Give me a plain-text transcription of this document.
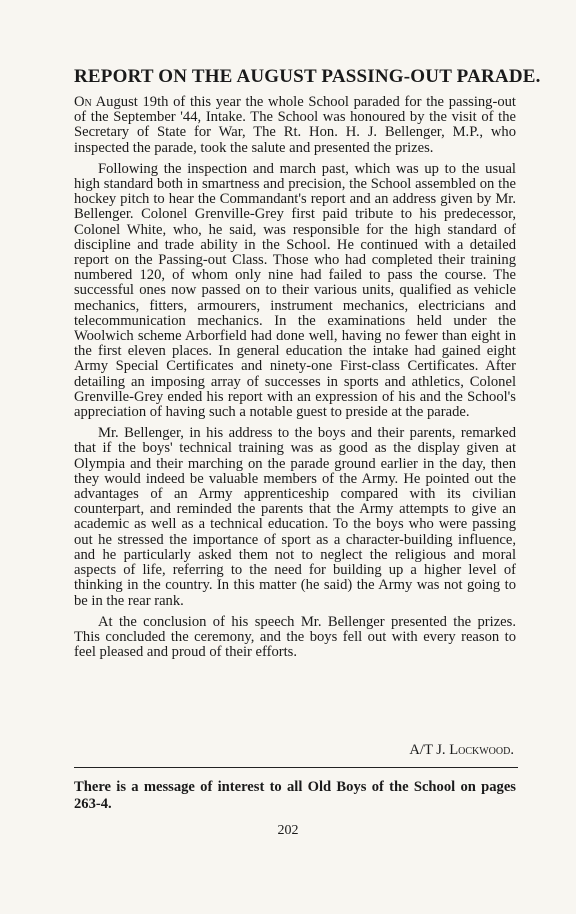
REPORT ON THE AUGUST PASSING-OUT PARADE.

On August 19th of this year the whole School paraded for the passing-out of the September '44, Intake. The School was honoured by the visit of the Secretary of State for War, The Rt. Hon. H. J. Bellenger, M.P., who inspected the parade, took the salute and presented the prizes.

Following the inspection and march past, which was up to the usual high standard both in smartness and precision, the School assembled on the hockey pitch to hear the Commandant's report and an address given by Mr. Bellenger. Colonel Grenville-Grey first paid tribute to his predecessor, Colonel White, who, he said, was responsible for the high standard of discipline and trade ability in the School. He continued with a detailed report on the Passing-out Class. Those who had completed their training numbered 120, of whom only nine had failed to pass the course. The successful ones now passed on to their various units, qualified as vehicle mechanics, fitters, armourers, instrument mechanics, electricians and telecommunication mechanics. In the examinations held under the Woolwich scheme Arborfield had done well, having no fewer than eight in the first eleven places. In general education the intake had gained eight Army Special Certificates and ninety-one First-class Certificates. After detailing an imposing array of successes in sports and athletics, Colonel Grenville-Grey ended his report with an expression of his and the School's appreciation of having such a notable guest to preside at the parade.

Mr. Bellenger, in his address to the boys and their parents, remarked that if the boys' technical training was as good as the display given at Olympia and their marching on the parade ground earlier in the day, then they would indeed be valuable members of the Army. He pointed out the advantages of an Army apprenticeship compared with its civilian counterpart, and reminded the parents that the Army attempts to give an academic as well as a technical education. To the boys who were passing out he stressed the importance of sport as a character-building influence, and he particularly asked them not to neglect the religious and moral aspects of life, referring to the need for building up a higher level of thinking in the country. In this matter (he said) the Army was not going to be in the rear rank.

At the conclusion of his speech Mr. Bellenger presented the prizes. This concluded the ceremony, and the boys fell out with every reason to feel pleased and proud of their efforts.

A/T J. Lockwood.
There is a message of interest to all Old Boys of the School on pages 263-4.
202
